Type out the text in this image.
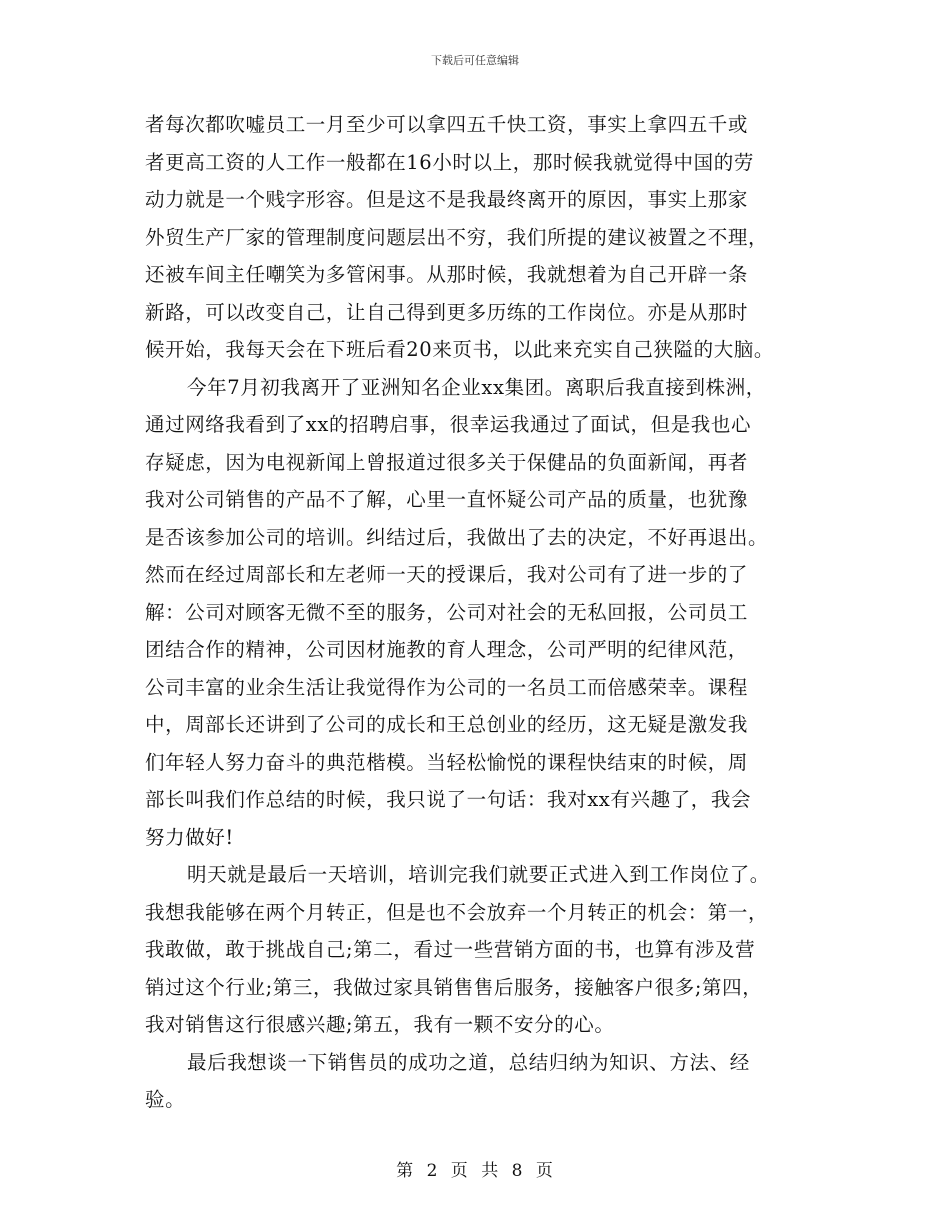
下载后可任意编辑
者每次都吹嘘员工一月至少可以拿四五千快工资，事实上拿四五千或
者更高工资的人工作一般都在16小时以上，那时候我就觉得中国的劳
动力就是一个贱字形容。但是这不是我最终离开的原因，事实上那家
外贸生产厂家的管理制度问题层出不穷，我们所提的建议被置之不理，
还被车间主任嘲笑为多管闲事。从那时候，我就想着为自己开辟一条
新路，可以改变自己，让自己得到更多历练的工作岗位。亦是从那时
候开始，我每天会在下班后看20来页书，以此来充实自己狭隘的大脑。
今年7月初我离开了亚洲知名企业xx集团。离职后我直接到株洲，
通过网络我看到了xx的招聘启事，很幸运我通过了面试，但是我也心
存疑虑，因为电视新闻上曾报道过很多关于保健品的负面新闻，再者
我对公司销售的产品不了解，心里一直怀疑公司产品的质量，也犹豫
是否该参加公司的培训。纠结过后，我做出了去的决定，不好再退出。
然而在经过周部长和左老师一天的授课后，我对公司有了进一步的了
解：公司对顾客无微不至的服务，公司对社会的无私回报，公司员工
团结合作的精神，公司因材施教的育人理念，公司严明的纪律风范，
公司丰富的业余生活让我觉得作为公司的一名员工而倍感荣幸。课程
中，周部长还讲到了公司的成长和王总创业的经历，这无疑是激发我
们年轻人努力奋斗的典范楷模。当轻松愉悦的课程快结束的时候，周
部长叫我们作总结的时候，我只说了一句话：我对xx有兴趣了，我会
努力做好!
明天就是最后一天培训，培训完我们就要正式进入到工作岗位了。
我想我能够在两个月转正，但是也不会放弃一个月转正的机会：第一，
我敢做，敢于挑战自己;第二，看过一些营销方面的书，也算有涉及营
销过这个行业;第三，我做过家具销售售后服务，接触客户很多;第四，
我对销售这行很感兴趣;第五，我有一颗不安分的心。
最后我想谈一下销售员的成功之道，总结归纳为知识、方法、经
验。
第 2 页 共 8 页
